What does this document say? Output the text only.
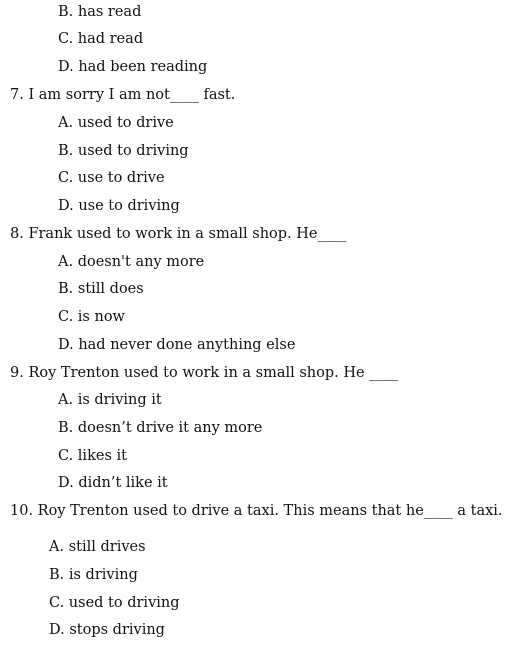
B. has read
C. had read
D. had been reading
7. I am sorry I am not____ fast.
A. used to drive
B. used to driving
C. use to drive
D. use to driving
8. Frank used to work in a small shop. He____
A. doesn't any more
B. still does
C. is now
D. had never done anything else
9. Roy Trenton used to work in a small shop. He ____
A. is driving it
B. doesn’t drive it any more
C. likes it
D. didn’t like it
10. Roy Trenton used to drive a taxi. This means that he____ a taxi.
A. still drives
B. is driving
C. used to driving
D. stops driving
